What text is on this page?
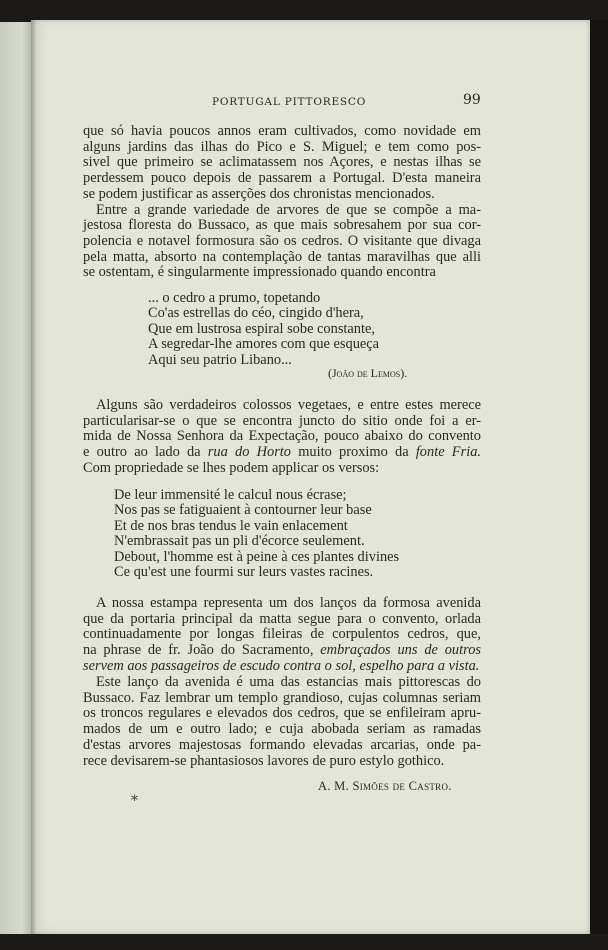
PORTUGAL PITTORESCO	99
que só havia poucos annos eram cultivados, como novidade em
alguns jardins das ilhas do Pico e S. Miguel; e tem como pos-
sivel que primeiro se aclimatassem nos Açores, e nestas ilhas se
perdessem pouco depois de passarem a Portugal. D'esta maneira
se podem justificar as asserções dos chronistas mencionados.
Entre a grande variedade de arvores de que se compõe a ma-
jestosa floresta do Bussaco, as que mais sobresahem por sua cor-
polencia e notavel formosura são os cedros. O visitante que divaga
pela matta, absorto na contemplação de tantas maravilhas que alli
se ostentam, é singularmente impressionado quando encontra
... o cedro a prumo, topetando
Co'as estrellas do céo, cingido d'hera,
Que em lustrosa espiral sobe constante,
A segredar-lhe amores com que esqueça
Aqui seu patrio Libano...
(João de Lemos).
Alguns são verdadeiros colossos vegetaes, e entre estes merece
particularisar-se o que se encontra juncto do sitio onde foi a er-
mida de Nossa Senhora da Expectação, pouco abaixo do convento
e outro ao lado da rua do Horto muito proximo da fonte Fria.
Com propriedade se lhes podem applicar os versos:
De leur immensité le calcul nous écrase;
Nos pas se fatiguaient à contourner leur base
Et de nos bras tendus le vain enlacement
N'embrassait pas un pli d'écorce seulement.
Debout, l'homme est à peine à ces plantes divines
Ce qu'est une fourmi sur leurs vastes racines.
A nossa estampa representa um dos lanços da formosa avenida
que da portaria principal da matta segue para o convento, orlada
continuadamente por longas fileiras de corpulentos cedros, que,
na phrase de fr. João do Sacramento, embraçados uns de outros
servem aos passageiros de escudo contra o sol, espelho para a vista.
Este lanço da avenida é uma das estancias mais pittorescas do
Bussaco. Faz lembrar um templo grandioso, cujas columnas seriam
os troncos regulares e elevados dos cedros, que se enfileiram apru-
mados de um e outro lado; e cuja abobada seriam as ramadas
d'estas arvores majestosas formando elevadas arcarias, onde pa-
rece devisarem-se phantasiosos lavores de puro estylo gothico.
A. M. Simões de Castro.
*
